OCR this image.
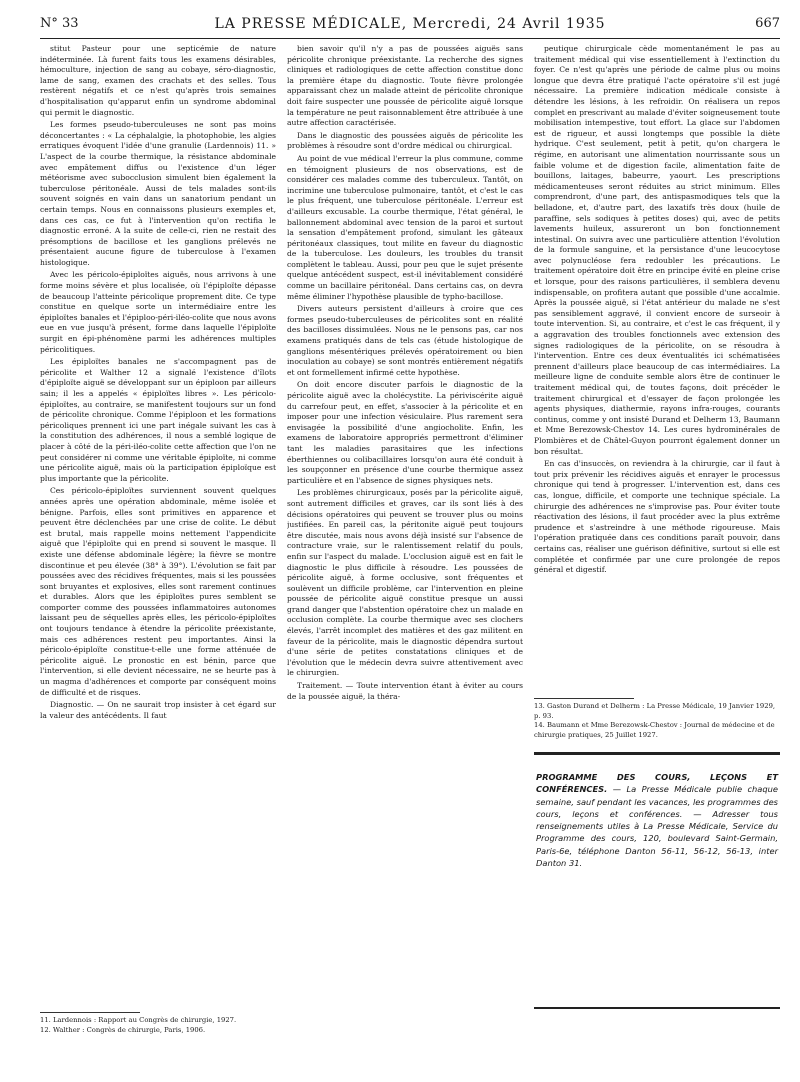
N° 33	LA PRESSE MÉDICALE, Mercredi, 24 Avril 1935	667

stitut Pasteur pour une septicémie de nature indéterminée. Là furent faits tous les examens désirables, hémoculture, injection de sang au cobaye, séro-diagnostic, lame de sang, examen des crachats et des selles. Tous restèrent négatifs et ce n'est qu'après trois semaines d'hospitalisation qu'apparut enfin un syndrome abdominal qui permit le diagnostic.

Les formes pseudo-tuberculeuses ne sont pas moins déconcertantes : « La céphalalgie, la photophobie, les algies erratiques évoquent l'idée d'une granulie (Lardennois) 11. » L'aspect de la courbe thermique, la résistance abdominale avec empâtement diffus ou l'existence d'un léger météorisme avec subocclusion simulent bien également la tuberculose péritonéale. Aussi de tels malades sont-ils souvent soignés en vain dans un sanatorium pendant un certain temps. Nous en connaissons plusieurs exemples et, dans ces cas, ce fut à l'intervention qu'on rectifia le diagnostic erroné. A la suite de celle-ci, rien ne restait des présomptions de bacillose et les ganglions prélevés ne présentaient aucune figure de tuberculose à l'examen histologique.

Avec les péricolo-épiploïtes aiguës, nous arrivons à une forme moins sévère et plus localisée, où l'épiploïte dépasse de beaucoup l'atteinte péricolique proprement dite. Ce type constitue en quelque sorte un intermédiaire entre les épiploïtes banales et l'épiploo-péri-iléo-colite que nous avons eue en vue jusqu'à présent, forme dans laquelle l'épiploïte surgit en épi-phénomène parmi les adhérences multiples péricolitiques.

Les épiploïtes banales ne s'accompagnent pas de péricolite et Walther 12 a signalé l'existence d'îlots d'épiploïte aiguë se développant sur un épiploon par ailleurs sain; il les a appelés « épiploïtes libres ». Les péricolo-épiploïtes, au contraire, se manifestent toujours sur un fond de péricolite chronique. Comme l'épiploon et les formations péricoliques prennent ici une part inégale suivant les cas à la constitution des adhérences, il nous a semblé logique de placer à côté de la péri-iléo-colite cette affection que l'on ne peut considérer ni comme une véritable épiploïte, ni comme une péricolite aiguë, mais où la participation épiploïque est plus importante que la péricolite.

Ces péricolo-épiploïtes surviennent souvent quelques années après une opération abdominale, même isolée et bénigne. Parfois, elles sont primitives en apparence et peuvent être déclenchées par une crise de colite. Le début est brutal, mais rappelle moins nettement l'appendicite aiguë que l'épiploïte qui en prend si souvent le masque. Il existe une défense abdominale légère; la fièvre se montre discontinue et peu élevée (38° à 39°). L'évolution se fait par poussées avec des récidives fréquentes, mais si les poussées sont bruyantes et explosives, elles sont rarement continues et durables. Alors que les épiploïtes pures semblent se comporter comme des poussées inflammatoires autonomes laissant peu de séquelles après elles, les péricolo-épiploïtes ont toujours tendance à étendre la péricolite préexistante, mais ces adhérences restent peu importantes. Ainsi la péricolo-épiploïte constitue-t-elle une forme atténuée de péricolite aiguë. Le pronostic en est bénin, parce que l'intervention, si elle devient nécessaire, ne se heurte pas à un magma d'adhérences et comporte par conséquent moins de difficulté et de risques.

Diagnostic. — On ne saurait trop insister à cet égard sur la valeur des antécédents. Il faut

11. Lardennois : Rapport au Congrès de chirurgie, 1927.
12. Walther : Congrès de chirurgie, Paris, 1906.

bien savoir qu'il n'y a pas de poussées aiguës sans péricolite chronique préexistante. La recherche des signes cliniques et radiologiques de cette affection constitue donc la première étape du diagnostic. Toute fièvre prolongée apparaissant chez un malade atteint de péricolite chronique doit faire suspecter une poussée de péricolite aiguë lorsque la température ne peut raisonnablement être attribuée à une autre affection caractérisée.

Dans le diagnostic des poussées aiguës de péricolite les problèmes à résoudre sont d'ordre médical ou chirurgical.

Au point de vue médical l'erreur la plus commune, comme en témoignent plusieurs de nos observations, est de considérer ces malades comme des tuberculeux. Tantôt, on incrimine une tuberculose pulmonaire, tantôt, et c'est le cas le plus fréquent, une tuberculose péritonéale. L'erreur est d'ailleurs excusable. La courbe thermique, l'état général, le ballonnement abdominal avec tension de la paroi et surtout la sensation d'empâtement profond, simulant les gâteaux péritonéaux classiques, tout milite en faveur du diagnostic de la tuberculose. Les douleurs, les troubles du transit complètent le tableau. Aussi, pour peu que le sujet présente quelque antécédent suspect, est-il inévitablement considéré comme un bacillaire péritonéal. Dans certains cas, on devra même éliminer l'hypothèse plausible de typho-bacillose.

Divers auteurs persistent d'ailleurs à croire que ces formes pseudo-tuberculeuses de péricolites sont en réalité des bacilloses dissimulées. Nous ne le pensons pas, car nos examens pratiqués dans de tels cas (étude histologique de ganglions mésentériques prélevés opératoirement ou bien inoculation au cobaye) se sont montrés entièrement négatifs et ont formellement infirmé cette hypothèse.

On doit encore discuter parfois le diagnostic de la péricolite aiguë avec la cholécystite. La périviscérite aiguë du carrefour peut, en effet, s'associer à la péricolite et en imposer pour une infection vésiculaire. Plus rarement sera envisagée la possibilité d'une angiocholite. Enfin, les examens de laboratoire appropriés permettront d'éliminer tant les maladies parasitaires que les infections éberthiennes ou colibacillaires lorsqu'on aura été conduit à les soupçonner en présence d'une courbe thermique assez particulière et en l'absence de signes physiques nets.

Les problèmes chirurgicaux, posés par la péricolite aiguë, sont autrement difficiles et graves, car ils sont liés à des décisions opératoires qui peuvent se trouver plus ou moins justifiées. En pareil cas, la péritonite aiguë peut toujours être discutée, mais nous avons déjà insisté sur l'absence de contracture vraie, sur le ralentissement relatif du pouls, enfin sur l'aspect du malade. L'occlusion aiguë est en fait le diagnostic le plus difficile à résoudre. Les poussées de péricolite aiguë, à forme occlusive, sont fréquentes et soulèvent un difficile problème, car l'intervention en pleine poussée de péricolite aiguë constitue presque un aussi grand danger que l'abstention opératoire chez un malade en occlusion complète. La courbe thermique avec ses clochers élevés, l'arrêt incomplet des matières et des gaz militent en faveur de la péricolite, mais le diagnostic dépendra surtout d'une série de petites constatations cliniques et de l'évolution que le médecin devra suivre attentivement avec le chirurgien.

Traitement. — Toute intervention étant à éviter au cours de la poussée aiguë, la théra-

peutique chirurgicale cède momentanément le pas au traitement médical qui vise essentiellement à l'extinction du foyer. Ce n'est qu'après une période de calme plus ou moins longue que devra être pratiqué l'acte opératoire s'il est jugé nécessaire. La première indication médicale consiste à détendre les lésions, à les refroidir. On réalisera un repos complet en prescrivant au malade d'éviter soigneusement toute mobilisation intempestive, tout effort. La glace sur l'abdomen est de rigueur, et aussi longtemps que possible la diète hydrique. C'est seulement, petit à petit, qu'on chargera le régime, en autorisant une alimentation nourrissante sous un faible volume et de digestion facile, alimentation faite de bouillons, laitages, babeurre, yaourt. Les prescriptions médicamenteuses seront réduites au strict minimum. Elles comprendront, d'une part, des antispasmodiques tels que la belladone, et, d'autre part, des laxatifs très doux (huile de paraffine, sels sodiques à petites doses) qui, avec de petits lavements huileux, assureront un bon fonctionnement intestinal. On suivra avec une particulière attention l'évolution de la formule sanguine, et la persistance d'une leucocytose avec polynucléose fera redoubler les précautions. Le traitement opératoire doit être en principe évité en pleine crise et lorsque, pour des raisons particulières, il semblera devenu indispensable, on profitera autant que possible d'une accalmie. Après la poussée aiguë, si l'état antérieur du malade ne s'est pas sensiblement aggravé, il convient encore de surseoir à toute intervention. Si, au contraire, et c'est le cas fréquent, il y a aggravation des troubles fonctionnels avec extension des signes radiologiques de la péricolite, on se résoudra à l'intervention. Entre ces deux éventualités ici schématisées prennent d'ailleurs place beaucoup de cas intermédiaires. La meilleure ligne de conduite semble alors être de continuer le traitement médical qui, de toutes façons, doit précéder le traitement chirurgical et d'essayer de façon prolongée les agents physiques, diathermie, rayons infra-rouges, courants continus, comme y ont insisté Durand et Delherm 13, Baumann et Mme Berezowsk-Chestov 14. Les cures hydrominérales de Plombières et de Châtel-Guyon pourront également donner un bon résultat.

En cas d'insuccès, on reviendra à la chirurgie, car il faut à tout prix prévenir les récidives aiguës et enrayer le processus chronique qui tend à progresser. L'intervention est, dans ces cas, longue, difficile, et comporte une technique spéciale. La chirurgie des adhérences ne s'improvise pas. Pour éviter toute réactivation des lésions, il faut procéder avec la plus extrême prudence et s'astreindre à une méthode rigoureuse. Mais l'opération pratiquée dans ces conditions paraît pouvoir, dans certains cas, réaliser une guérison définitive, surtout si elle est complétée et confirmée par une cure prolongée de repos général et digestif.

13. Gaston Durand et Delherm : La Presse Médicale, 19 Janvier 1929, p. 93.
14. Baumann et Mme Berezowsk-Chestov : Journal de médecine et de chirurgie pratiques, 25 Juillet 1927.
PROGRAMME DES COURS, LEÇONS ET CONFÉRENCES. — La Presse Médicale publie chaque semaine, sauf pendant les vacances, les programmes des cours, leçons et conférences. — Adresser tous renseignements utiles à La Presse Médicale, Service du Programme des cours, 120, boulevard Saint-Germain, Paris-6e, téléphone Danton 56-11, 56-12, 56-13, inter Danton 31.
